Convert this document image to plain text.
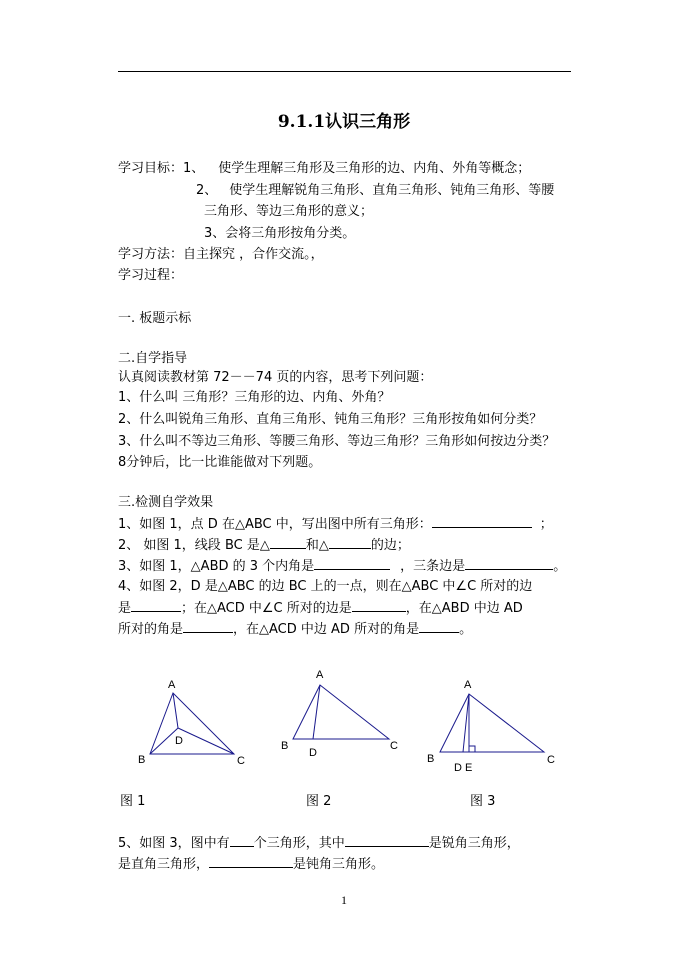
9.1.1认识三角形
学习目标：1、 使学生理解三角形及三角形的边、内角、外角等概念；
2、 使学生理解锐角三角形、直角三角形、钝角三角形、等腰
三角形、等边三角形的意义；
3、会将三角形按角分类。
学习方法：自主探究 ，合作交流。，
学习过程：
一. 板题示标
二.自学指导
认真阅读教材第 72－－74 页的内容，思考下列问题：
1、什么叫 三角形？三角形的边、内角、外角？
2、什么叫锐角三角形、直角三角形、钝角三角形？三角形按角如何分类？
3、什么叫不等边三角形、等腰三角形、等边三角形？三角形如何按边分类？
8分钟后，比一比谁能做对下列题。
三.检测自学效果
1、如图 1，点 D 在△ABC 中，写出图中所有三角形：	；
2、 如图 1，线段 BC 是△	和△	的边；
3、如图 1，△ABD 的 3 个内角是	，三条边是	。
4、如图 2，D 是△ABC 的边 BC 上的一点，则在△ABC 中∠C 所对的边
是	；在△ACD 中∠C 所对的边是	，在△ABD 中边 AD
所对的角是	，在△ACD 中边 AD 所对的角是	。
A
B	C
D
图 1
A
B	C
D
图 2
A
B	C
D E
图 3
5、如图 3，图中有 个三角形，其中	是锐角三角形，
是直角三角形，	是钝角三角形。
1
